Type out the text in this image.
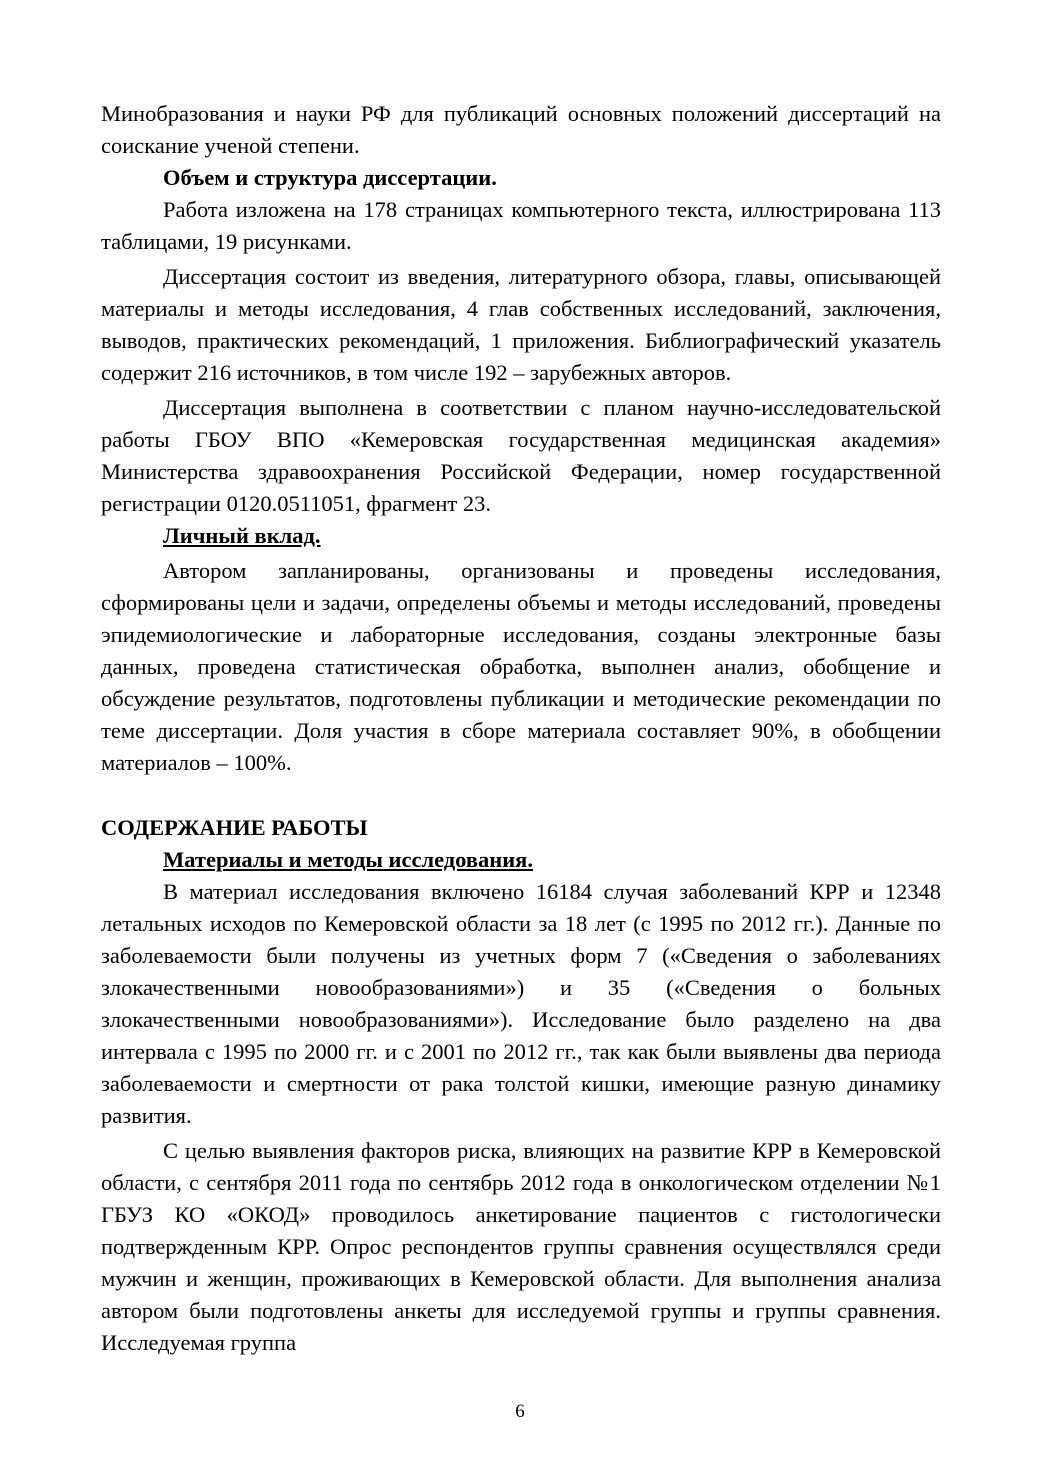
Минобразования и науки РФ для публикаций основных положений диссертаций на соискание ученой степени.

Объем и структура диссертации.

Работа изложена на 178 страницах компьютерного текста, иллюстрирована 113 таблицами, 19 рисунками.

Диссертация состоит из введения, литературного обзора, главы, описывающей материалы и методы исследования, 4 глав собственных исследований, заключения, выводов, практических рекомендаций, 1 приложения. Библиографический указатель содержит 216 источников, в том числе 192 – зарубежных авторов.

Диссертация выполнена в соответствии с планом научно-исследовательской работы ГБОУ ВПО «Кемеровская государственная медицинская академия» Министерства здравоохранения Российской Федерации, номер государственной регистрации 0120.0511051, фрагмент 23.

Личный вклад.

Автором запланированы, организованы и проведены исследования, сформированы цели и задачи, определены объемы и методы исследований, проведены эпидемиологические и лабораторные исследования, созданы электронные базы данных, проведена статистическая обработка, выполнен анализ, обобщение и обсуждение результатов, подготовлены публикации и методические рекомендации по теме диссертации. Доля участия в сборе материала составляет 90%, в обобщении материалов – 100%.

СОДЕРЖАНИЕ РАБОТЫ

Материалы и методы исследования.

В материал исследования включено 16184 случая заболеваний КРР и 12348 летальных исходов по Кемеровской области за 18 лет (с 1995 по 2012 гг.). Данные по заболеваемости были получены из учетных форм 7 («Сведения о заболеваниях злокачественными новообразованиями») и 35 («Сведения о больных злокачественными новообразованиями»). Исследование было разделено на два интервала с 1995 по 2000 гг. и с 2001 по 2012 гг., так как были выявлены два периода заболеваемости и смертности от рака толстой кишки, имеющие разную динамику развития.

С целью выявления факторов риска, влияющих на развитие КРР в Кемеровской области, с сентября 2011 года по сентябрь 2012 года в онкологическом отделении №1 ГБУЗ КО «ОКОД» проводилось анкетирование пациентов с гистологически подтвержденным КРР. Опрос респондентов группы сравнения осуществлялся среди мужчин и женщин, проживающих в Кемеровской области. Для выполнения анализа автором были подготовлены анкеты для исследуемой группы и группы сравнения. Исследуемая группа

6
